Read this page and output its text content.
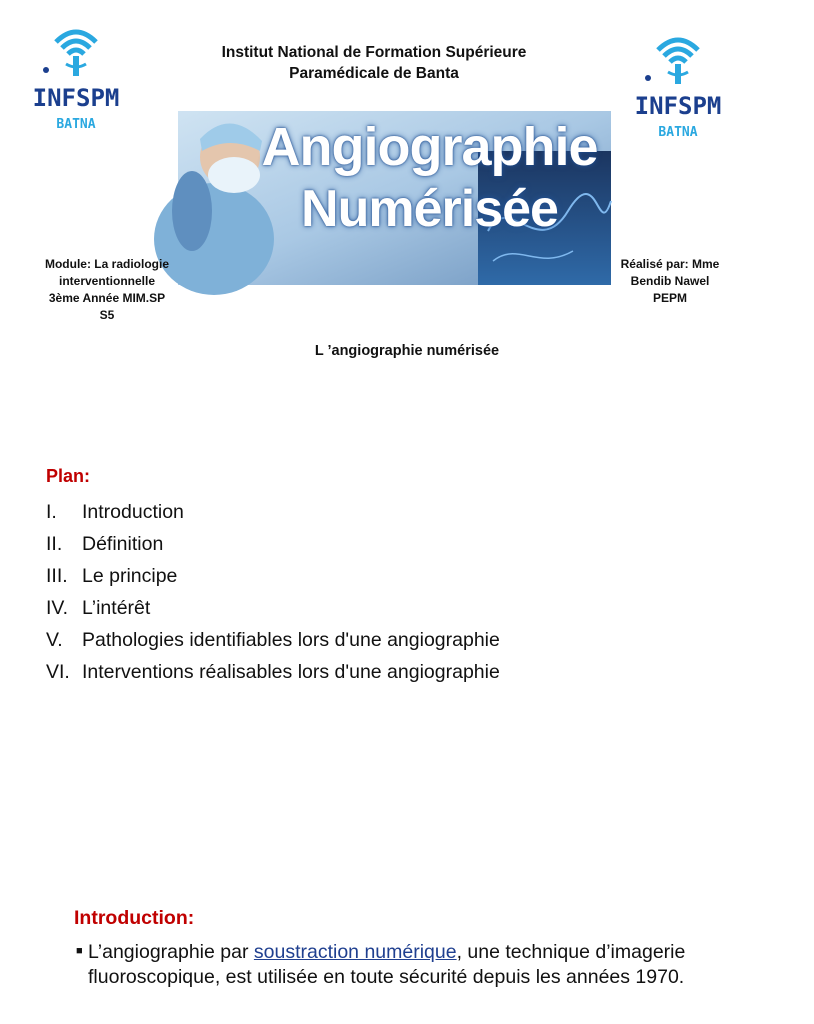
INFSPM
BATNA
INFSPM
BATNA
Institut National de Formation Supérieure
Paramédicale de Banta
Angiographie
Numérisée
Module: La radiologie
interventionnelle
3ème Année MIM.SP
S5
Réalisé par: Mme
Bendib Nawel
PEPM
L ’angiographie numérisée
Plan:
I.	Introduction
II.	Définition
III. Le principe
IV. L’intérêt
V. Pathologies identifiables lors d'une angiographie
VI. Interventions réalisables lors d'une angiographie
Introduction:
■ L’angiographie par soustraction numérique, une technique d’imagerie fluoroscopique, est utilisée en toute sécurité depuis les années 1970.
